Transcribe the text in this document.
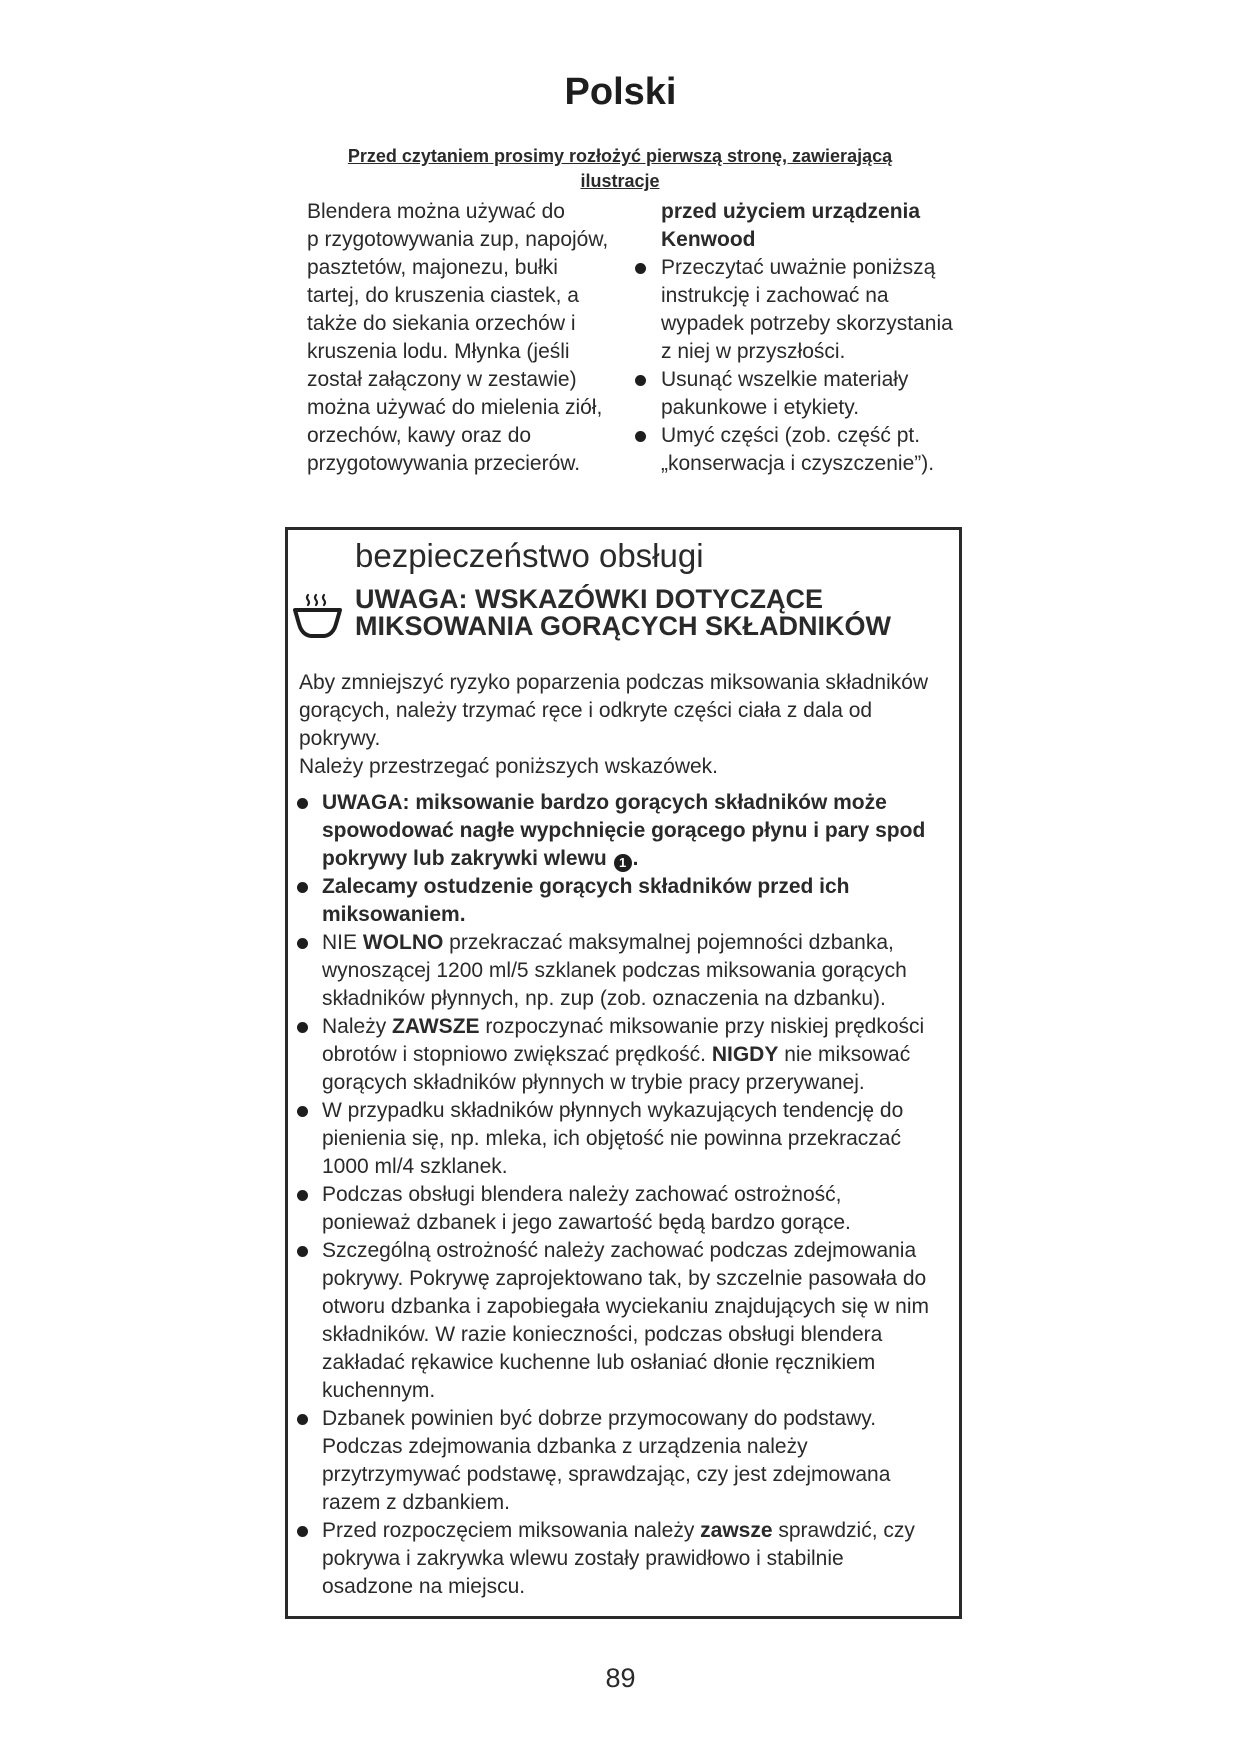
Polski
Przed czytaniem prosimy rozłożyć pierwszą stronę, zawierającą
ilustracje
Blendera można używać do
p rzygotowywania zup, napojów,
pasztetów, majonezu, bułki
tartej, do kruszenia ciastek, a
także do siekania orzechów i
kruszenia lodu. Młynka (jeśli
został załączony w zestawie)
można używać do mielenia ziół,
orzechów, kawy oraz do
przygotowywania przecierów.
przed użyciem urządzenia
Kenwood
Przeczytać uważnie poniższą
instrukcję i zachować na
wypadek potrzeby skorzystania
z niej w przyszłości.
Usunąć wszelkie materiały
pakunkowe i etykiety.
Umyć części (zob. część pt.
„konserwacja i czyszczenie”).
bezpieczeństwo obsługi
UWAGA: WSKAZÓWKI DOTYCZĄCE
MIKSOWANIA GORĄCYCH SKŁADNIKÓW
Aby zmniejszyć ryzyko poparzenia podczas miksowania składników
gorących, należy trzymać ręce i odkryte części ciała z dala od
pokrywy.
Należy przestrzegać poniższych wskazówek.
UWAGA: miksowanie bardzo gorących składników może
spowodować nagłe wypchnięcie gorącego płynu i pary spod
pokrywy lub zakrywki wlewu 1 .
Zalecamy ostudzenie gorących składników przed ich
miksowaniem.
NIE WOLNO przekraczać maksymalnej pojemności dzbanka,
wynoszącej 1200 ml/5 szklanek podczas miksowania gorących
składników płynnych, np. zup (zob. oznaczenia na dzbanku).
Należy ZAWSZE rozpoczynać miksowanie przy niskiej prędkości
obrotów i stopniowo zwiększać prędkość. NIGDY nie miksować
gorących składników płynnych w trybie pracy przerywanej.
W przypadku składników płynnych wykazujących tendencję do
pienienia się, np. mleka, ich objętość nie powinna przekraczać
1000 ml/4 szklanek.
Podczas obsługi blendera należy zachować ostrożność,
ponieważ dzbanek i jego zawartość będą bardzo gorące.
Szczególną ostrożność należy zachować podczas zdejmowania
pokrywy. Pokrywę zaprojektowano tak, by szczelnie pasowała do
otworu dzbanka i zapobiegała wyciekaniu znajdujących się w nim
składników. W razie konieczności, podczas obsługi blendera
zakładać rękawice kuchenne lub osłaniać dłonie ręcznikiem
kuchennym.
Dzbanek powinien być dobrze przymocowany do podstawy.
Podczas zdejmowania dzbanka z urządzenia należy
przytrzymywać podstawę, sprawdzając, czy jest zdejmowana
razem z dzbankiem.
Przed rozpoczęciem miksowania należy zawsze sprawdzić, czy
pokrywa i zakrywka wlewu zostały prawidłowo i stabilnie
osadzone na miejscu.
89
